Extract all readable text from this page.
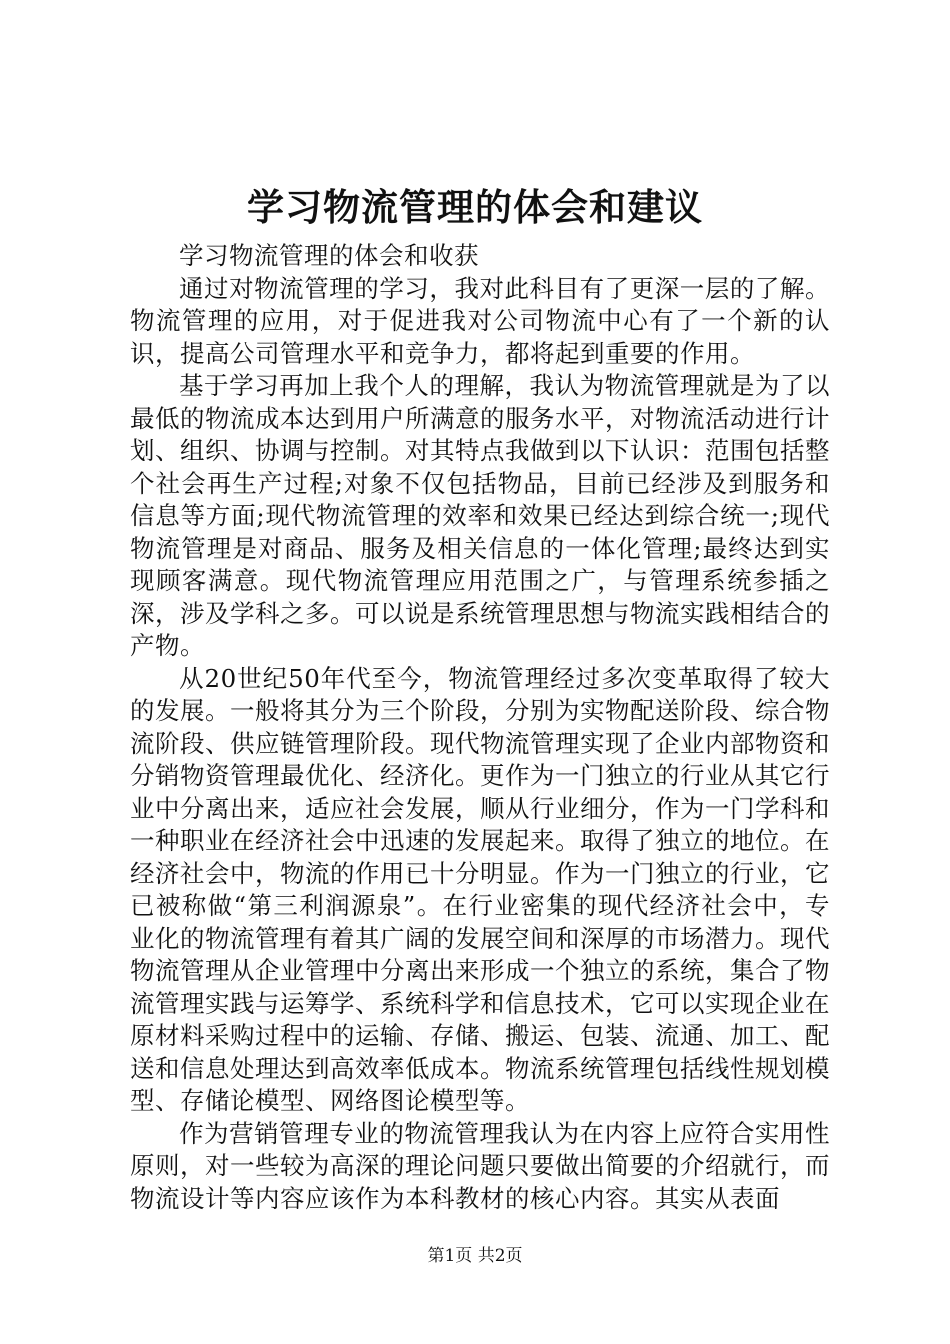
学习物流管理的体会和建议

学习物流管理的体会和收获

通过对物流管理的学习，我对此科目有了更深一层的了解。物流管理的应用，对于促进我对公司物流中心有了一个新的认识，提高公司管理水平和竞争力，都将起到重要的作用。

基于学习再加上我个人的理解，我认为物流管理就是为了以最低的物流成本达到用户所满意的服务水平，对物流活动进行计划、组织、协调与控制。对其特点我做到以下认识：范围包括整个社会再生产过程;对象不仅包括物品，目前已经涉及到服务和信息等方面;现代物流管理的效率和效果已经达到综合统一;现代物流管理是对商品、服务及相关信息的一体化管理;最终达到实现顾客满意。现代物流管理应用范围之广，与管理系统参插之深，涉及学科之多。可以说是系统管理思想与物流实践相结合的产物。

从20世纪50年代至今，物流管理经过多次变革取得了较大的发展。一般将其分为三个阶段，分别为实物配送阶段、综合物流阶段、供应链管理阶段。现代物流管理实现了企业内部物资和分销物资管理最优化、经济化。更作为一门独立的行业从其它行业中分离出来，适应社会发展，顺从行业细分，作为一门学科和一种职业在经济社会中迅速的发展起来。取得了独立的地位。在经济社会中，物流的作用已十分明显。作为一门独立的行业，它已被称做“第三利润源泉”。在行业密集的现代经济社会中，专业化的物流管理有着其广阔的发展空间和深厚的市场潜力。现代物流管理从企业管理中分离出来形成一个独立的系统，集合了物流管理实践与运筹学、系统科学和信息技术，它可以实现企业在原材料采购过程中的运输、存储、搬运、包装、流通、加工、配送和信息处理达到高效率低成本。物流系统管理包括线性规划模型、存储论模型、网络图论模型等。

作为营销管理专业的物流管理我认为在内容上应符合实用性原则，对一些较为高深的理论问题只要做出简要的介绍就行，而物流设计等内容应该作为本科教材的核心内容。其实从表面

第1页 共2页
